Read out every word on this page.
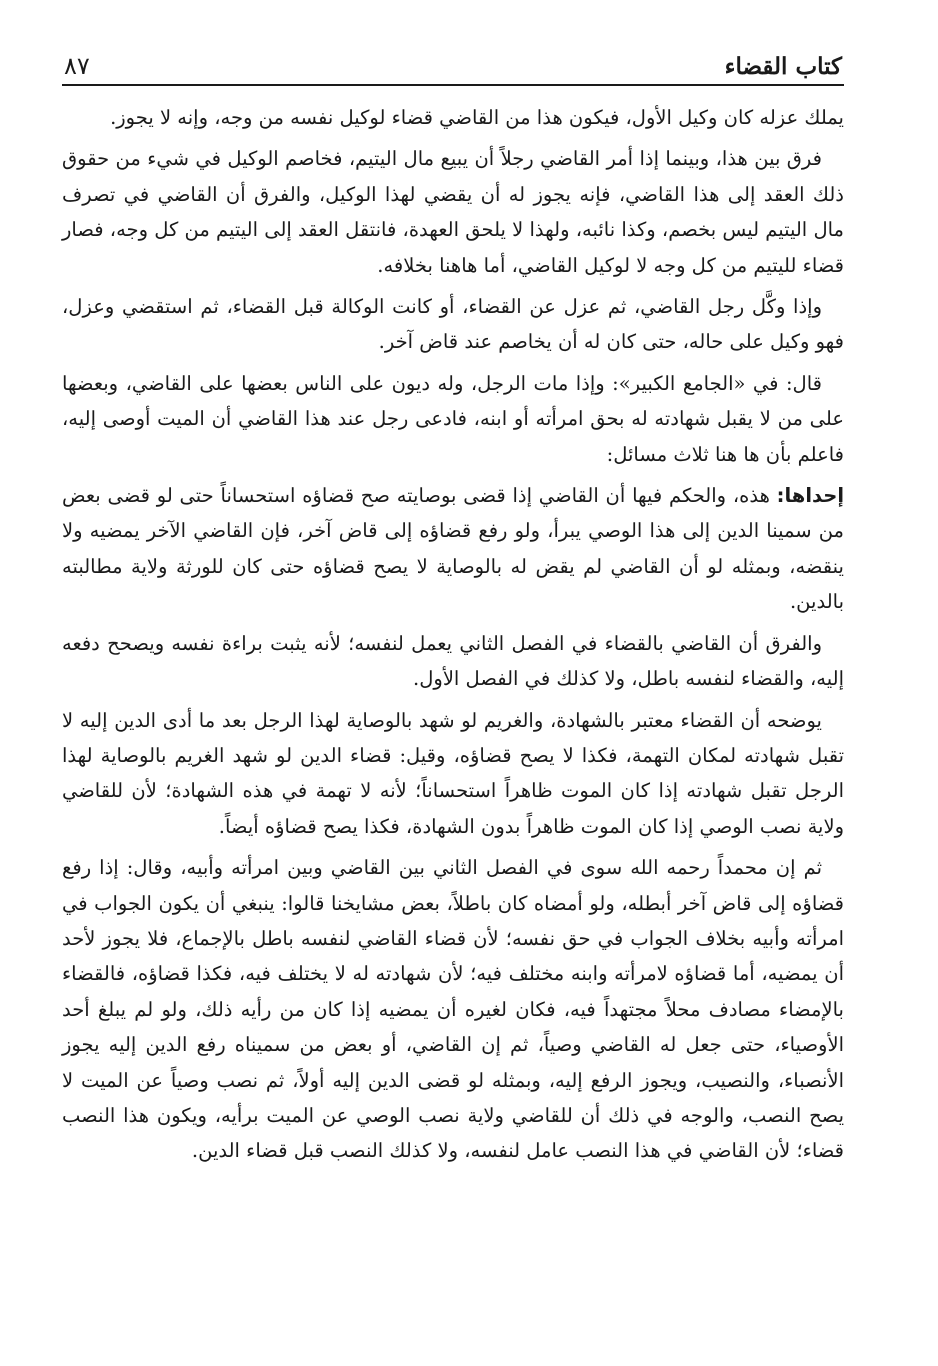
كتاب القضاء
٨٧

يملك عزله كان وكيل الأول، فيكون هذا من القاضي قضاء لوكيل نفسه من وجه، وإنه لا يجوز.

فرق بين هذا، وبينما إذا أمر القاضي رجلاً أن يبيع مال اليتيم، فخاصم الوكيل في شيء من حقوق ذلك العقد إلى هذا القاضي، فإنه يجوز له أن يقضي لهذا الوكيل، والفرق أن القاضي في تصرف مال اليتيم ليس بخصم، وكذا نائبه، ولهذا لا يلحق العهدة، فانتقل العقد إلى اليتيم من كل وجه، فصار قضاء لليتيم من كل وجه لا لوكيل القاضي، أما هاهنا بخلافه.

وإذا وكَّل رجل القاضي، ثم عزل عن القضاء، أو كانت الوكالة قبل القضاء، ثم استقضي وعزل، فهو وكيل على حاله، حتى كان له أن يخاصم عند قاض آخر.

قال: في «الجامع الكبير»: وإذا مات الرجل، وله ديون على الناس بعضها على القاضي، وبعضها على من لا يقبل شهادته له بحق امرأته أو ابنه، فادعى رجل عند هذا القاضي أن الميت أوصى إليه، فاعلم بأن ها هنا ثلاث مسائل:

إحداها: هذه، والحكم فيها أن القاضي إذا قضى بوصايته صح قضاؤه استحساناً حتى لو قضى بعض من سمينا الدين إلى هذا الوصي يبرأ، ولو رفع قضاؤه إلى قاض آخر، فإن القاضي الآخر يمضيه ولا ينقضه، وبمثله لو أن القاضي لم يقض له بالوصاية لا يصح قضاؤه حتى كان للورثة ولاية مطالبته بالدين.

والفرق أن القاضي بالقضاء في الفصل الثاني يعمل لنفسه؛ لأنه يثبت براءة نفسه ويصحح دفعه إليه، والقضاء لنفسه باطل، ولا كذلك في الفصل الأول.

يوضحه أن القضاء معتبر بالشهادة، والغريم لو شهد بالوصاية لهذا الرجل بعد ما أدى الدين إليه لا تقبل شهادته لمكان التهمة، فكذا لا يصح قضاؤه، وقيل: قضاء الدين لو شهد الغريم بالوصاية لهذا الرجل تقبل شهادته إذا كان الموت ظاهراً استحساناً؛ لأنه لا تهمة في هذه الشهادة؛ لأن للقاضي ولاية نصب الوصي إذا كان الموت ظاهراً بدون الشهادة، فكذا يصح قضاؤه أيضاً.

ثم إن محمداً رحمه الله سوى في الفصل الثاني بين القاضي وبين امرأته وأبيه، وقال: إذا رفع قضاؤه إلى قاض آخر أبطله، ولو أمضاه كان باطلاً، بعض مشايخنا قالوا: ينبغي أن يكون الجواب في امرأته وأبيه بخلاف الجواب في حق نفسه؛ لأن قضاء القاضي لنفسه باطل بالإجماع، فلا يجوز لأحد أن يمضيه، أما قضاؤه لامرأته وابنه مختلف فيه؛ لأن شهادته له لا يختلف فيه، فكذا قضاؤه، فالقضاء بالإمضاء مصادف محلاً مجتهداً فيه، فكان لغيره أن يمضيه إذا كان من رأيه ذلك، ولو لم يبلغ أحد الأوصياء، حتى جعل له القاضي وصياً، ثم إن القاضي، أو بعض من سميناه رفع الدين إليه يجوز الأنصباء، والنصيب، ويجوز الرفع إليه، وبمثله لو قضى الدين إليه أولاً، ثم نصب وصياً عن الميت لا يصح النصب، والوجه في ذلك أن للقاضي ولاية نصب الوصي عن الميت برأيه، ويكون هذا النصب قضاء؛ لأن القاضي في هذا النصب عامل لنفسه، ولا كذلك النصب قبل قضاء الدين.
